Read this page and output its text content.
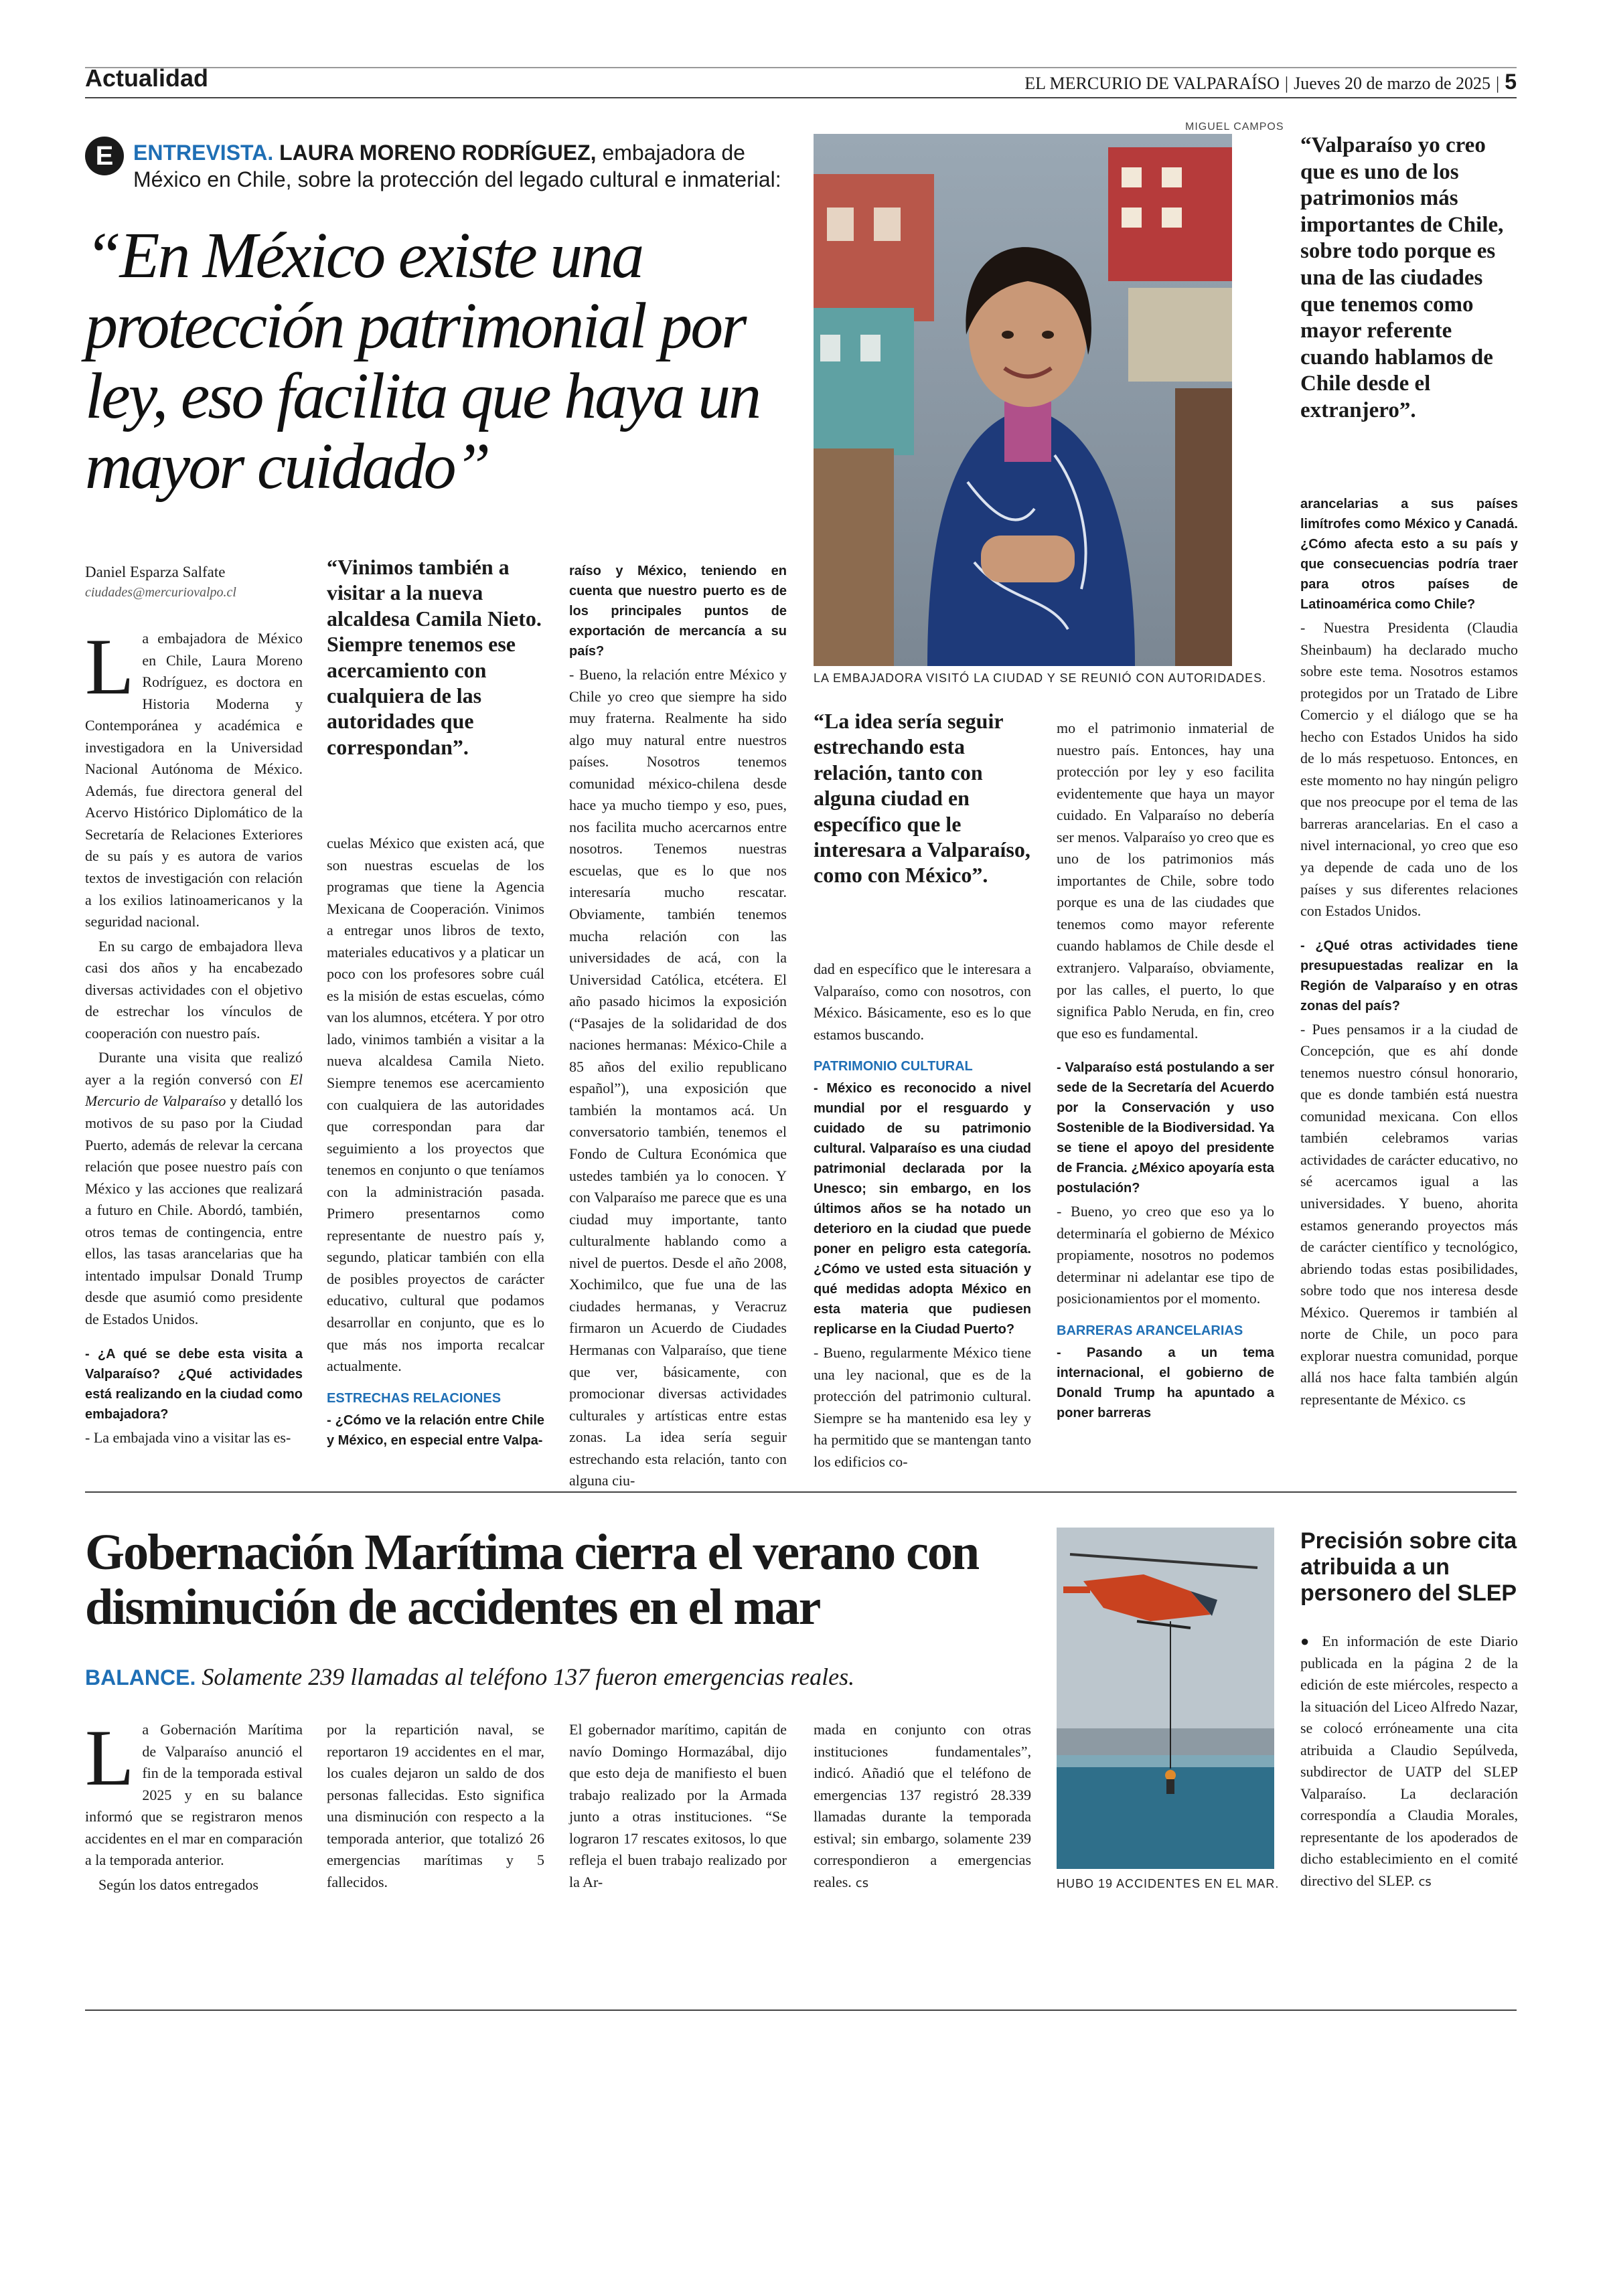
Actualidad	EL MERCURIO DE VALPARAÍSO | Jueves 20 de marzo de 2025 | 5
E ENTREVISTA. LAURA MORENO RODRÍGUEZ, embajadora de México en Chile, sobre la protección del legado cultural e inmaterial:
“En México existe una protección patrimonial por ley, eso facilita que haya un mayor cuidado”
MIGUEL CAMPOS
LA EMBAJADORA VISITÓ LA CIUDAD Y SE REUNIÓ CON AUTORIDADES.
“Valparaíso yo creo que es uno de los patrimonios más importantes de Chile, sobre todo porque es una de las ciudades que tenemos como mayor referente cuando hablamos de Chile desde el extranjero”.
Daniel Esparza Salfate
ciudades@mercuriovalpo.cl

La embajadora de México en Chile, Laura Moreno Rodríguez, es doctora en Historia Moderna y Contemporánea y académica e investigadora en la Universidad Nacional Autónoma de México. Además, fue directora general del Acervo Histórico Diplomático de la Secretaría de Relaciones Exteriores de su país y es autora de varios textos de investigación con relación a los exilios latinoamericanos y la seguridad nacional.

En su cargo de embajadora lleva casi dos años y ha encabezado diversas actividades con el objetivo de estrechar los vínculos de cooperación con nuestro país.

Durante una visita que realizó ayer a la región conversó con El Mercurio de Valparaíso y detalló los motivos de su paso por la Ciudad Puerto, además de relevar la cercana relación que posee nuestro país con México y las acciones que realizará a futuro en Chile. Abordó, también, otros temas de contingencia, entre ellos, las tasas arancelarias que ha intentado impulsar Donald Trump desde que asumió como presidente de Estados Unidos.

- ¿A qué se debe esta visita a Valparaíso? ¿Qué actividades está realizando en la ciudad como embajadora?

- La embajada vino a visitar las es-

“Vinimos también a visitar a la nueva alcaldesa Camila Nieto. Siempre tenemos ese acercamiento con cualquiera de las autoridades que correspondan”.

cuelas México que existen acá, que son nuestras escuelas de los programas que tiene la Agencia Mexicana de Cooperación. Vinimos a entregar unos libros de texto, materiales educativos y a platicar un poco con los profesores sobre cuál es la misión de estas escuelas, cómo van los alumnos, etcétera. Y por otro lado, vinimos también a visitar a la nueva alcaldesa Camila Nieto. Siempre tenemos ese acercamiento con cualquiera de las autoridades que correspondan para dar seguimiento a los proyectos que tenemos en conjunto o que teníamos con la administración pasada. Primero presentarnos como representante de nuestro país y, segundo, platicar también con ella de posibles proyectos de carácter educativo, cultural que podamos desarrollar en conjunto, que es lo que más nos importa recalcar actualmente.

ESTRECHAS RELACIONES

- ¿Cómo ve la relación entre Chile y México, en especial entre Valpa-

raíso y México, teniendo en cuenta que nuestro puerto es de los principales puntos de exportación de mercancía a su país?

- Bueno, la relación entre México y Chile yo creo que siempre ha sido muy fraterna. Realmente ha sido algo muy natural entre nuestros países. Nosotros tenemos comunidad méxico-chilena desde hace ya mucho tiempo y eso, pues, nos facilita mucho acercarnos entre nosotros. Tenemos nuestras escuelas, que es lo que nos interesaría mucho rescatar. Obviamente, también tenemos mucha relación con las universidades de acá, con la Universidad Católica, etcétera. El año pasado hicimos la exposición (“Pasajes de la solidaridad de dos naciones hermanas: México-Chile a 85 años del exilio republicano español”), una exposición que también la montamos acá. Un conversatorio también, tenemos el Fondo de Cultura Económica que ustedes también ya lo conocen. Y con Valparaíso me parece que es una ciudad muy importante, tanto culturalmente hablando como a nivel de puertos. Desde el año 2008, Xochimilco, que fue una de las ciudades hermanas, y Veracruz firmaron un Acuerdo de Ciudades Hermanas con Valparaíso, que tiene que ver, básicamente, con promocionar diversas actividades culturales y artísticas entre estas zonas. La idea sería seguir estrechando esta relación, tanto con alguna ciu-

“La idea sería seguir estrechando esta relación, tanto con alguna ciudad en específico que le interesara a Valparaíso, como con México”.

dad en específico que le interesara a Valparaíso, como con nosotros, con México. Básicamente, eso es lo que estamos buscando.

PATRIMONIO CULTURAL

- México es reconocido a nivel mundial por el resguardo y cuidado de su patrimonio cultural. Valparaíso es una ciudad patrimonial declarada por la Unesco; sin embargo, en los últimos años se ha notado un deterioro en la ciudad que puede poner en peligro esta categoría. ¿Cómo ve usted esta situación y qué medidas adopta México en esta materia que pudiesen replicarse en la Ciudad Puerto?

- Bueno, regularmente México tiene una ley nacional, que es de la protección del patrimonio cultural. Siempre se ha mantenido esa ley y ha permitido que se mantengan tanto los edificios co-

mo el patrimonio inmaterial de nuestro país. Entonces, hay una protección por ley y eso facilita evidentemente que haya un mayor cuidado. En Valparaíso no debería ser menos. Valparaíso yo creo que es uno de los patrimonios más importantes de Chile, sobre todo porque es una de las ciudades que tenemos como mayor referente cuando hablamos de Chile desde el extranjero. Valparaíso, obviamente, por las calles, el puerto, lo que significa Pablo Neruda, en fin, creo que eso es fundamental.

- Valparaíso está postulando a ser sede de la Secretaría del Acuerdo por la Conservación y uso Sostenible de la Biodiversidad. Ya se tiene el apoyo del presidente de Francia. ¿México apoyaría esta postulación?

- Bueno, yo creo que eso ya lo determinaría el gobierno de México propiamente, nosotros no podemos determinar ni adelantar ese tipo de posicionamientos por el momento.

BARRERAS ARANCELARIAS

- Pasando a un tema internacional, el gobierno de Donald Trump ha apuntado a poner barreras

arancelarias a sus países limítrofes como México y Canadá. ¿Cómo afecta esto a su país y que consecuencias podría traer para otros países de Latinoamérica como Chile?

- Nuestra Presidenta (Claudia Sheinbaum) ha declarado mucho sobre este tema. Nosotros estamos protegidos por un Tratado de Libre Comercio y el diálogo que se ha hecho con Estados Unidos ha sido de lo más respetuoso. Entonces, en este momento no hay ningún peligro que nos preocupe por el tema de las barreras arancelarias. En el caso a nivel internacional, yo creo que eso ya depende de cada uno de los países y sus diferentes relaciones con Estados Unidos.

- ¿Qué otras actividades tiene presupuestadas realizar en la Región de Valparaíso y en otras zonas del país?

- Pues pensamos ir a la ciudad de Concepción, que es ahí donde tenemos nuestro cónsul honorario, que es donde también está nuestra comunidad mexicana. Con ellos también celebramos varias actividades de carácter educativo, no sé acercamos igual a las universidades. Y bueno, ahorita estamos generando proyectos más de carácter científico y tecnológico, abriendo todas estas posibilidades, sobre todo que nos interesa desde México. Queremos ir también al norte de Chile, un poco para explorar nuestra comunidad, porque allá nos hace falta también algún representante de México. cs

Gobernación Marítima cierra el verano con disminución de accidentes en el mar
BALANCE. Solamente 239 llamadas al teléfono 137 fueron emergencias reales.

La Gobernación Marítima de Valparaíso anunció el fin de la temporada estival 2025 y en su balance informó que se registraron menos accidentes en el mar en comparación a la temporada anterior.

Según los datos entregados

por la repartición naval, se reportaron 19 accidentes en el mar, los cuales dejaron un saldo de dos personas fallecidas. Esto significa una disminución con respecto a la temporada anterior, que totalizó 26 emergencias marítimas y 5 fallecidos.

El gobernador marítimo, capitán de navío Domingo Hormazábal, dijo que esto deja de manifiesto el buen trabajo realizado por la Armada junto a otras instituciones. “Se lograron 17 rescates exitosos, lo que refleja el buen trabajo realizado por la Ar-

mada en conjunto con otras instituciones fundamentales”, indicó. Añadió que el teléfono de emergencias 137 registró 28.339 llamadas durante la temporada estival; sin embargo, solamente 239 correspondieron a emergencias reales. cs	HUBO 19 ACCIDENTES EN EL MAR.
Precisión sobre cita atribuida a un personero del SLEP

● En información de este Diario publicada en la página 2 de la edición de este miércoles, respecto a la situación del Liceo Alfredo Nazar, se colocó erróneamente una cita atribuida a Claudio Sepúlveda, subdirector de UATP del SLEP Valparaíso. La declaración correspondía a Claudia Morales, representante de los apoderados de dicho establecimiento en el comité directivo del SLEP. cs
